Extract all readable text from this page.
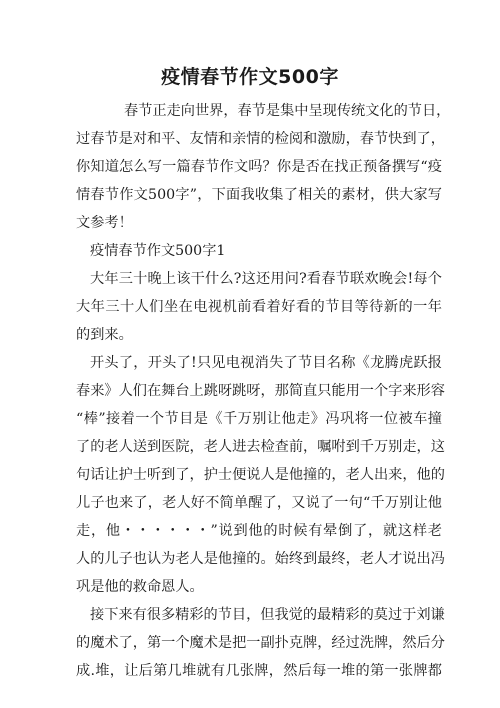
疫情春节作文500字

春节正走向世界，春节是集中呈现传统文化的节日，
过春节是对和平、友情和亲情的检阅和激励，春节快到了，
你知道怎么写一篇春节作文吗？你是否在找正预备撰写“疫
情春节作文500字”，下面我收集了相关的素材，供大家写
文参考！

疫情春节作文500字1

大年三十晚上该干什么?这还用问?看春节联欢晚会!每个
大年三十人们坐在电视机前看着好看的节目等待新的一年
的到来。

开头了，开头了!只见电视消失了节目名称《龙腾虎跃报
春来》人们在舞台上跳呀跳呀，那简直只能用一个字来形容
“棒”接着一个节目是《千万别让他走》冯巩将一位被车撞
了的老人送到医院，老人进去检查前，嘱咐到千万别走，这
句话让护士听到了，护士便说人是他撞的，老人出来，他的
儿子也来了，老人好不简单醒了，又说了一句“千万别让他
走，他・・・・・・”说到他的时候有晕倒了，就这样老
人的儿子也认为老人是他撞的。始终到最终，老人才说出冯
巩是他的救命恩人。

接下来有很多精彩的节目，但我觉的最精彩的莫过于刘谦
的魔术了，第一个魔术是把一副扑克牌，经过洗牌，然后分
成.堆，让后第几堆就有几张牌，然后每一堆的第一张牌都
